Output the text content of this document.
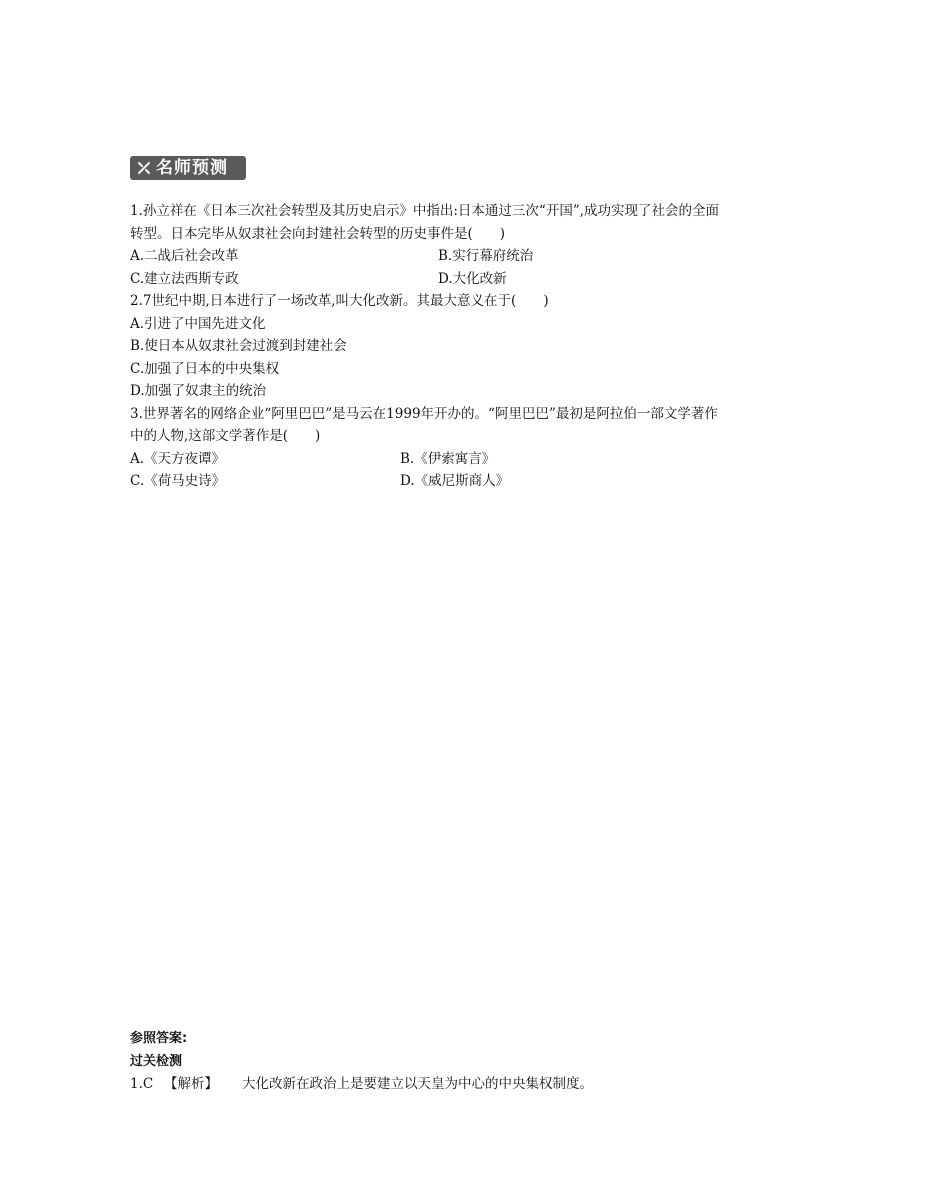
名师预测
1.孙立祥在《日本三次社会转型及其历史启示》中指出:日本通过三次“开国”,成功实现了社会的全面
转型。日本完毕从奴隶社会向封建社会转型的历史事件是(　　)
A.二战后社会改革	B.实行幕府统治
C.建立法西斯专政	D.大化改新
2.7世纪中期,日本进行了一场改革,叫大化改新。其最大意义在于(　　)
A.引进了中国先进文化
B.使日本从奴隶社会过渡到封建社会
C.加强了日本的中央集权
D.加强了奴隶主的统治
3.世界著名的网络企业“阿里巴巴”是马云在1999年开办的。“阿里巴巴”最初是阿拉伯一部文学著作
中的人物,这部文学著作是(　　)
A.《天方夜谭》	B.《伊索寓言》
C.《荷马史诗》	D.《威尼斯商人》
参照答案:
过关检测
1.C 【解析】 大化改新在政治上是要建立以天皇为中心的中央集权制度。
